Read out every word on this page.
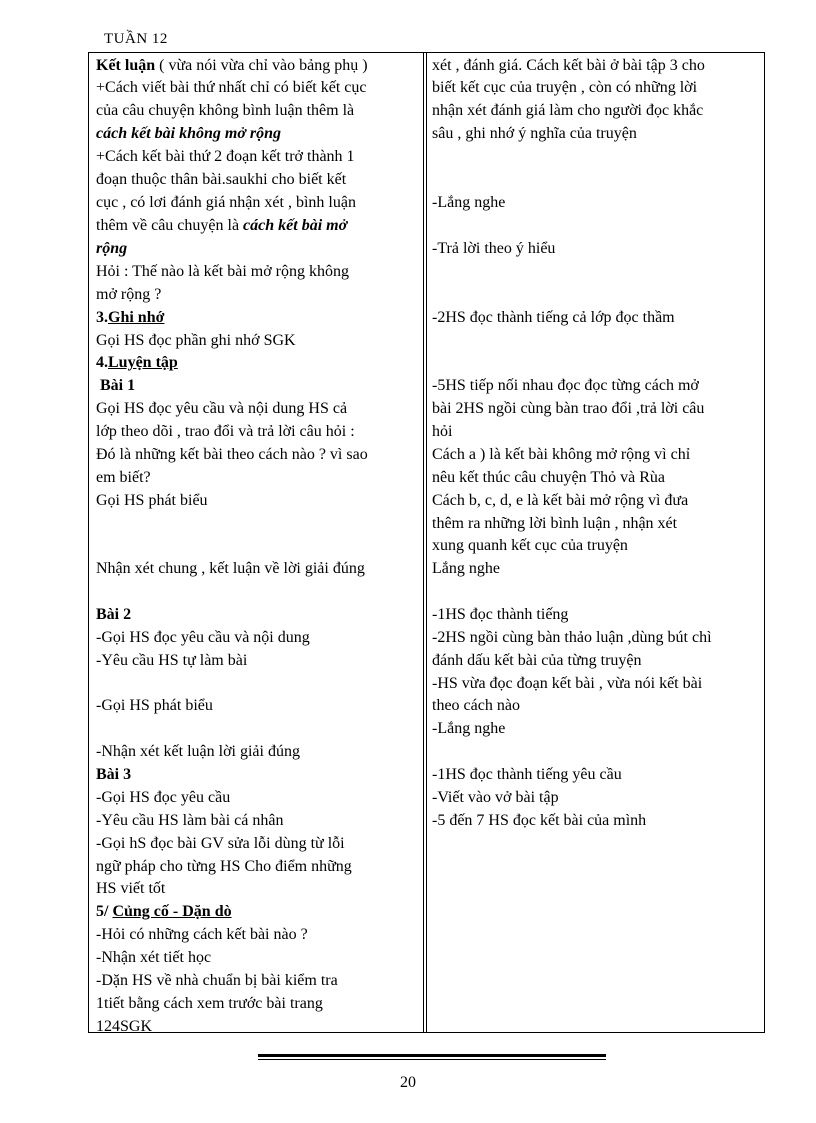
TUẦN 12
Kết luận ( vừa nói vừa chỉ vào bảng phụ )
+Cách viết bài thứ nhất chỉ có biết kết cục
của câu chuyện không bình luận thêm là
cách kết bài không mở rộng
+Cách kết bài thứ 2 đoạn kết trở thành 1
đoạn thuộc thân bài.saukhi cho biết kết
cục , có lơi đánh giá nhận xét , bình luận
thêm về câu chuyện là cách kết bài mở
rộng
Hỏi : Thế nào là kết bài mở rộng không
mở rộng ?
3.Ghi nhớ
Gọi HS đọc phần ghi nhớ SGK
4.Luyện tập
Bài 1
Gọi HS đọc yêu cầu và nội dung HS cả
lớp theo dõi , trao đổi và trả lời câu hỏi :
Đó là những kết bài theo cách nào ? vì sao
em biết?
Gọi HS phát biểu
Nhận xét chung , kết luận về lời giải đúng
Bài 2
-Gọi HS đọc yêu cầu và nội dung
-Yêu cầu HS tự làm bài
-Gọi HS phát biểu
-Nhận xét kết luận lời giải đúng
Bài 3
-Gọi HS đọc yêu cầu
-Yêu cầu HS làm bài cá nhân
-Gọi hS đọc bài GV sửa lỗi dùng từ lỗi
ngữ pháp cho từng HS Cho điểm những
HS viết tốt
5/ Củng cố - Dặn dò
-Hỏi có những cách kết bài nào ?
-Nhận xét tiết học
-Dặn HS về nhà chuẩn bị bài kiểm tra
1tiết bằng cách xem trước bài trang
124SGK
xét , đánh giá. Cách kết bài ở bài tập 3 cho
biết kết cục của truyện , còn có những lời
nhận xét đánh giá làm cho người đọc khắc
sâu , ghi nhớ ý nghĩa của truyện
-Lắng nghe
-Trả lời theo ý hiểu
-2HS đọc thành tiếng cả lớp đọc thầm
-5HS tiếp nối nhau đọc đọc từng cách mở
bài 2HS ngồi cùng bàn trao đổi ,trả lời câu
hỏi
Cách a ) là kết bài không mở rộng vì chỉ
nêu kết thúc câu chuyện Thỏ và Rùa
Cách b, c, d, e là kết bài mở rộng vì đưa
thêm ra những lời bình luận , nhận xét
xung quanh kết cục của truyện
Lắng nghe
-1HS đọc thành tiếng
-2HS ngồi cùng bàn thảo luận ,dùng bút chì
đánh dấu kết bài của từng truyện
-HS vừa đọc đoạn kết bài , vừa nói kết bài
theo cách nào
-Lắng nghe
-1HS đọc thành tiếng yêu cầu
-Viết vào vở bài tập
-5 đến 7 HS đọc kết bài của mình
20
